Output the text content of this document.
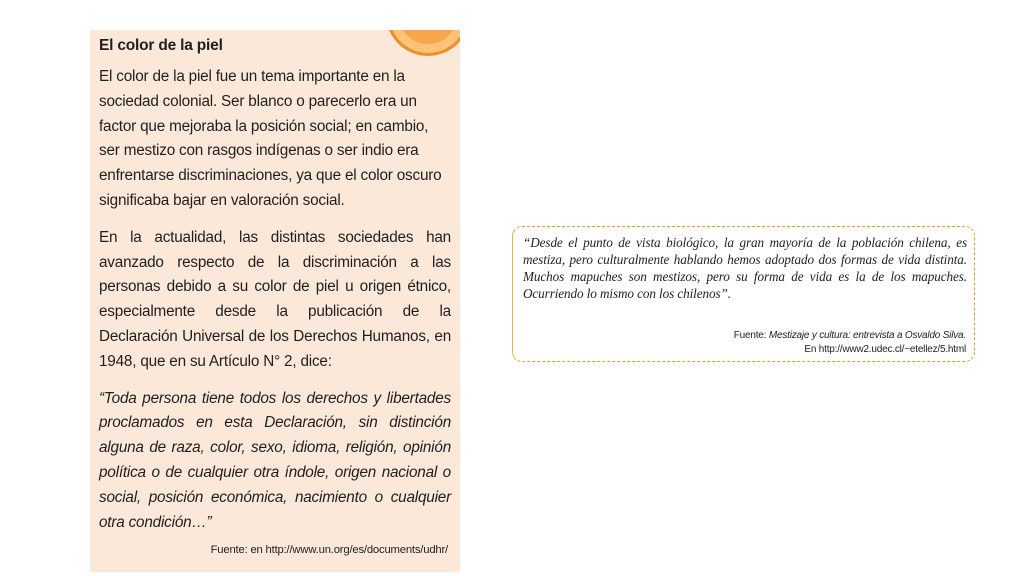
El color de la piel

El color de la piel fue un tema importante en la sociedad colonial. Ser blanco o parecerlo era un factor que mejoraba la posición social; en cambio, ser mestizo con rasgos indígenas o ser indio era enfrentarse discriminaciones, ya que el color oscuro significaba bajar en valoración social.

En la actualidad, las distintas sociedades han avanzado respecto de la discriminación a las personas debido a su color de piel u origen étnico, especialmente desde la publicación de la Declaración Universal de los Derechos Humanos, en 1948, que en su Artículo N° 2, dice:

“Toda persona tiene todos los derechos y libertades proclamados en esta Declaración, sin distinción alguna de raza, color, sexo, idioma, religión, opinión política o de cualquier otra índole, origen nacional o social, posición económica, nacimiento o cualquier otra condición…”

Fuente: en http://www.un.org/es/documents/udhr/
“Desde el punto de vista biológico, la gran mayoría de la población chilena, es mestiza, pero culturalmente hablando hemos adoptado dos formas de vida distinta. Muchos mapuches son mestizos, pero su forma de vida es la de los mapuches. Ocurriendo lo mismo con los chilenos”.
Fuente: Mestizaje y cultura: entrevista a Osvaldo Silva.
En http://www2.udec.cl/~etellez/5.html
